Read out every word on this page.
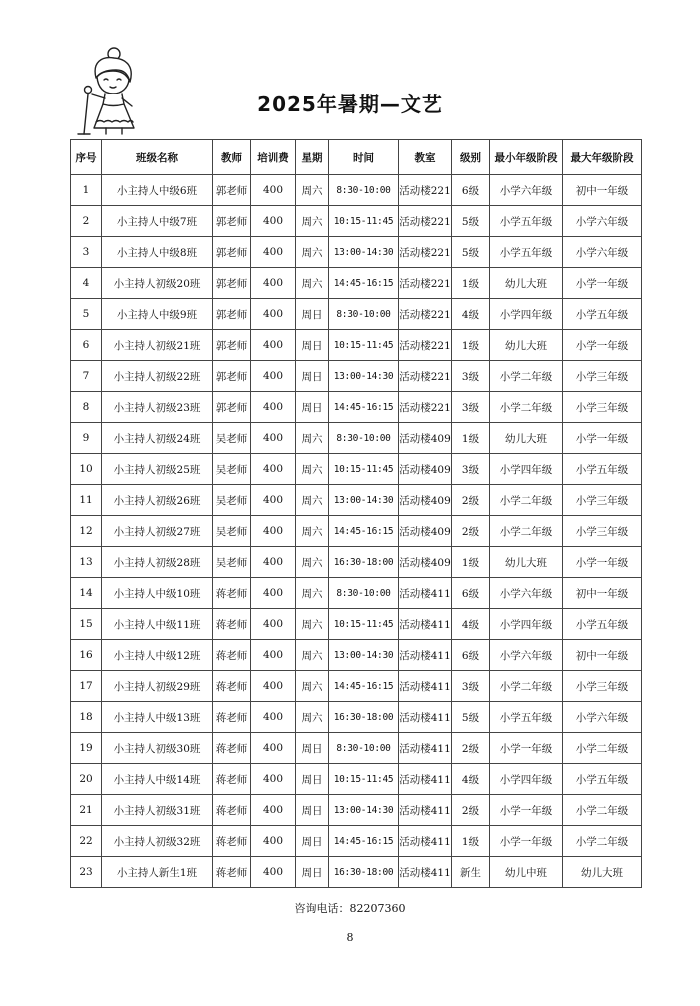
2025年暑期—文艺
序号	班级名称	教师	培训费	星期	时间	教室	级别	最小年级阶段	最大年级阶段
1	小主持人中级6班	郭老师	400	周六	8:30-10:00	活动楼221	6级	小学六年级	初中一年级
2	小主持人中级7班	郭老师	400	周六	10:15-11:45	活动楼221	5级	小学五年级	小学六年级
3	小主持人中级8班	郭老师	400	周六	13:00-14:30	活动楼221	5级	小学五年级	小学六年级
4	小主持人初级20班	郭老师	400	周六	14:45-16:15	活动楼221	1级	幼儿大班	小学一年级
5	小主持人中级9班	郭老师	400	周日	8:30-10:00	活动楼221	4级	小学四年级	小学五年级
6	小主持人初级21班	郭老师	400	周日	10:15-11:45	活动楼221	1级	幼儿大班	小学一年级
7	小主持人初级22班	郭老师	400	周日	13:00-14:30	活动楼221	3级	小学二年级	小学三年级
8	小主持人初级23班	郭老师	400	周日	14:45-16:15	活动楼221	3级	小学二年级	小学三年级
9	小主持人初级24班	吴老师	400	周六	8:30-10:00	活动楼409	1级	幼儿大班	小学一年级
10	小主持人初级25班	吴老师	400	周六	10:15-11:45	活动楼409	3级	小学四年级	小学五年级
11	小主持人初级26班	吴老师	400	周六	13:00-14:30	活动楼409	2级	小学二年级	小学三年级
12	小主持人初级27班	吴老师	400	周六	14:45-16:15	活动楼409	2级	小学二年级	小学三年级
13	小主持人初级28班	吴老师	400	周六	16:30-18:00	活动楼409	1级	幼儿大班	小学一年级
14	小主持人中级10班	蒋老师	400	周六	8:30-10:00	活动楼411	6级	小学六年级	初中一年级
15	小主持人中级11班	蒋老师	400	周六	10:15-11:45	活动楼411	4级	小学四年级	小学五年级
16	小主持人中级12班	蒋老师	400	周六	13:00-14:30	活动楼411	6级	小学六年级	初中一年级
17	小主持人初级29班	蒋老师	400	周六	14:45-16:15	活动楼411	3级	小学二年级	小学三年级
18	小主持人中级13班	蒋老师	400	周六	16:30-18:00	活动楼411	5级	小学五年级	小学六年级
19	小主持人初级30班	蒋老师	400	周日	8:30-10:00	活动楼411	2级	小学一年级	小学二年级
20	小主持人中级14班	蒋老师	400	周日	10:15-11:45	活动楼411	4级	小学四年级	小学五年级
21	小主持人初级31班	蒋老师	400	周日	13:00-14:30	活动楼411	2级	小学一年级	小学二年级
22	小主持人初级32班	蒋老师	400	周日	14:45-16:15	活动楼411	1级	小学一年级	小学二年级
23	小主持人新生1班	蒋老师	400	周日	16:30-18:00	活动楼411	新生	幼儿中班	幼儿大班
咨询电话：82207360
8
